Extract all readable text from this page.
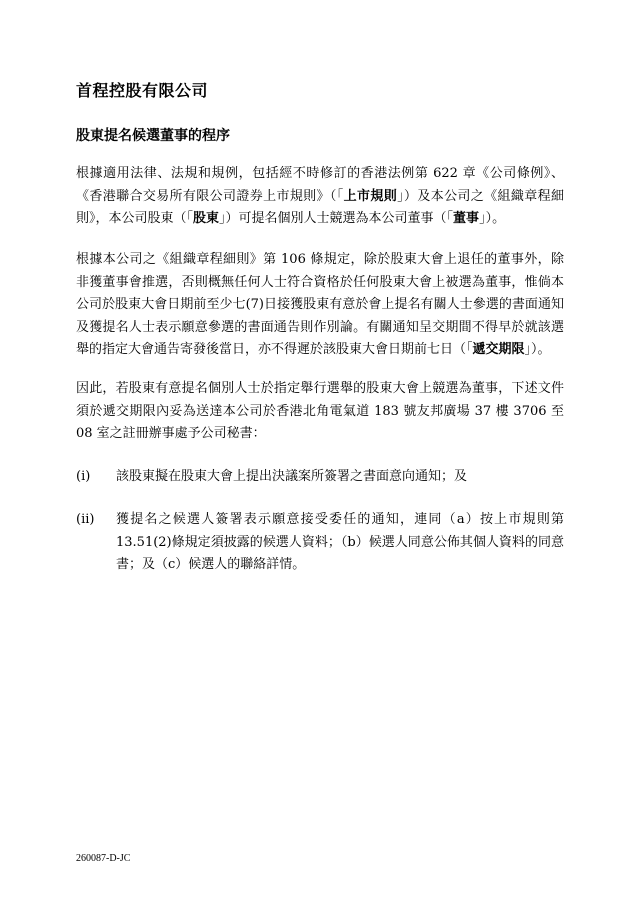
首程控股有限公司
股東提名候選董事的程序
根據適用法律、法規和規例，包括經不時修訂的香港法例第 622 章《公司條例》、《香港聯合交易所有限公司證券上市規則》（「上市規則」）及本公司之《組織章程細則》，本公司股東（「股東」）可提名個別人士競選為本公司董事（「董事」）。
根據本公司之《組織章程細則》第 106 條規定，除於股東大會上退任的董事外，除非獲董事會推選，否則概無任何人士符合資格於任何股東大會上被選為董事，惟倘本公司於股東大會日期前至少七(7)日接獲股東有意於會上提名有關人士參選的書面通知及獲提名人士表示願意參選的書面通告則作別論。有關通知呈交期間不得早於就該選舉的指定大會通告寄發後當日，亦不得遲於該股東大會日期前七日（「遞交期限」）。
因此，若股東有意提名個別人士於指定舉行選舉的股東大會上競選為董事，下述文件須於遞交期限內妥為送達本公司於香港北角電氣道 183 號友邦廣場 37 樓 3706 至 08 室之註冊辦事處予公司秘書：
(i) 該股東擬在股東大會上提出決議案所簽署之書面意向通知；及
(ii) 獲提名之候選人簽署表示願意接受委任的通知，連同（a）按上市規則第 13.51(2)條規定須披露的候選人資料；（b）候選人同意公佈其個人資料的同意書；及（c）候選人的聯絡詳情。
260087-D-JC
